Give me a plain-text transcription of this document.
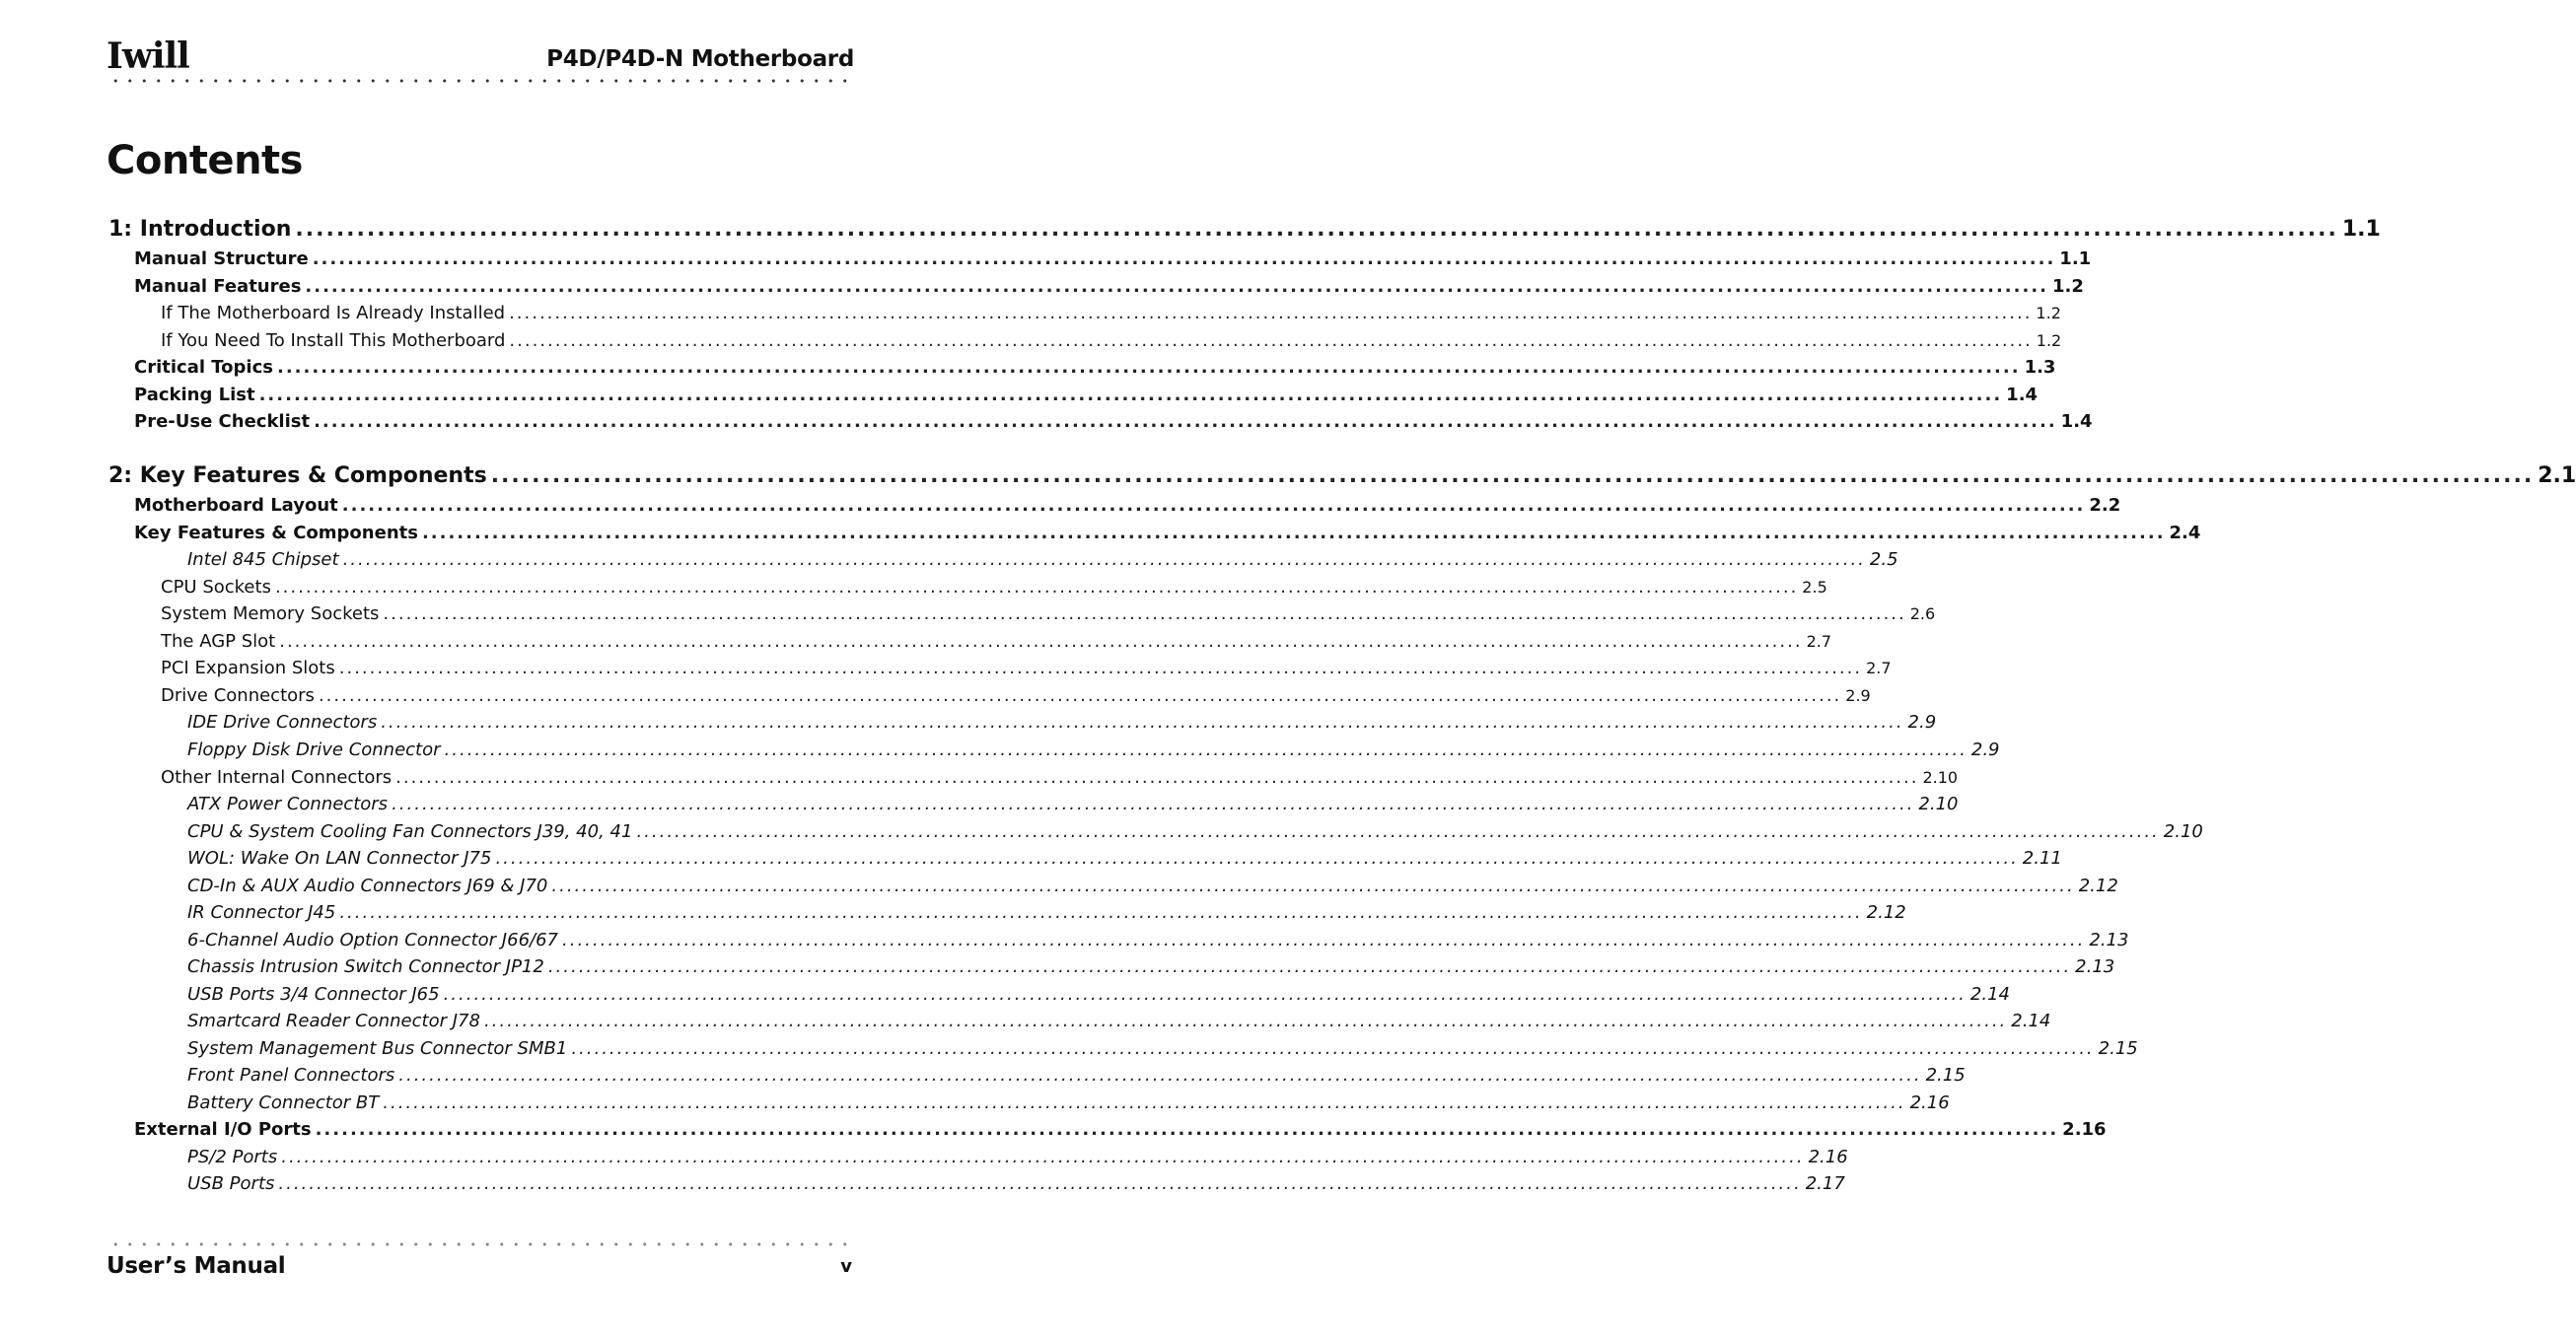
Iwill	P4D/P4D-N Motherboard
Contents
1: Introduction ........................................................................................................................................................................................................ 1.1
Manual Structure ........................................................................................................................................................................................................ 1.1
Manual Features ........................................................................................................................................................................................................ 1.2
If The Motherboard Is Already Installed ........................................................................................................................................................................................................ 1.2
If You Need To Install This Motherboard ........................................................................................................................................................................................................ 1.2
Critical Topics ........................................................................................................................................................................................................ 1.3
Packing List ........................................................................................................................................................................................................ 1.4
Pre-Use Checklist ........................................................................................................................................................................................................ 1.4
2: Key Features & Components ........................................................................................................................................................................................................ 2.1
Motherboard Layout ........................................................................................................................................................................................................ 2.2
Key Features & Components ........................................................................................................................................................................................................ 2.4
Intel 845 Chipset ........................................................................................................................................................................................................ 2.5
CPU Sockets ........................................................................................................................................................................................................ 2.5
System Memory Sockets ........................................................................................................................................................................................................ 2.6
The AGP Slot ........................................................................................................................................................................................................ 2.7
PCI Expansion Slots ........................................................................................................................................................................................................ 2.7
Drive Connectors ........................................................................................................................................................................................................ 2.9
IDE Drive Connectors ........................................................................................................................................................................................................ 2.9
Floppy Disk Drive Connector ........................................................................................................................................................................................................ 2.9
Other Internal Connectors ........................................................................................................................................................................................................ 2.10
ATX Power Connectors ........................................................................................................................................................................................................ 2.10
CPU & System Cooling Fan Connectors J39, 40, 41 ........................................................................................................................................................................................................ 2.10
WOL: Wake On LAN Connector J75 ........................................................................................................................................................................................................ 2.11
CD-In & AUX Audio Connectors J69 & J70 ........................................................................................................................................................................................................ 2.12
IR Connector J45 ........................................................................................................................................................................................................ 2.12
6-Channel Audio Option Connector J66/67 ........................................................................................................................................................................................................ 2.13
Chassis Intrusion Switch Connector JP12 ........................................................................................................................................................................................................ 2.13
USB Ports 3/4 Connector J65 ........................................................................................................................................................................................................ 2.14
Smartcard Reader Connector J78 ........................................................................................................................................................................................................ 2.14
System Management Bus Connector SMB1 ........................................................................................................................................................................................................ 2.15
Front Panel Connectors ........................................................................................................................................................................................................ 2.15
Battery Connector BT ........................................................................................................................................................................................................ 2.16
External I/O Ports ........................................................................................................................................................................................................ 2.16
PS/2 Ports ........................................................................................................................................................................................................ 2.16
USB Ports ........................................................................................................................................................................................................ 2.17
User’s Manual	v
